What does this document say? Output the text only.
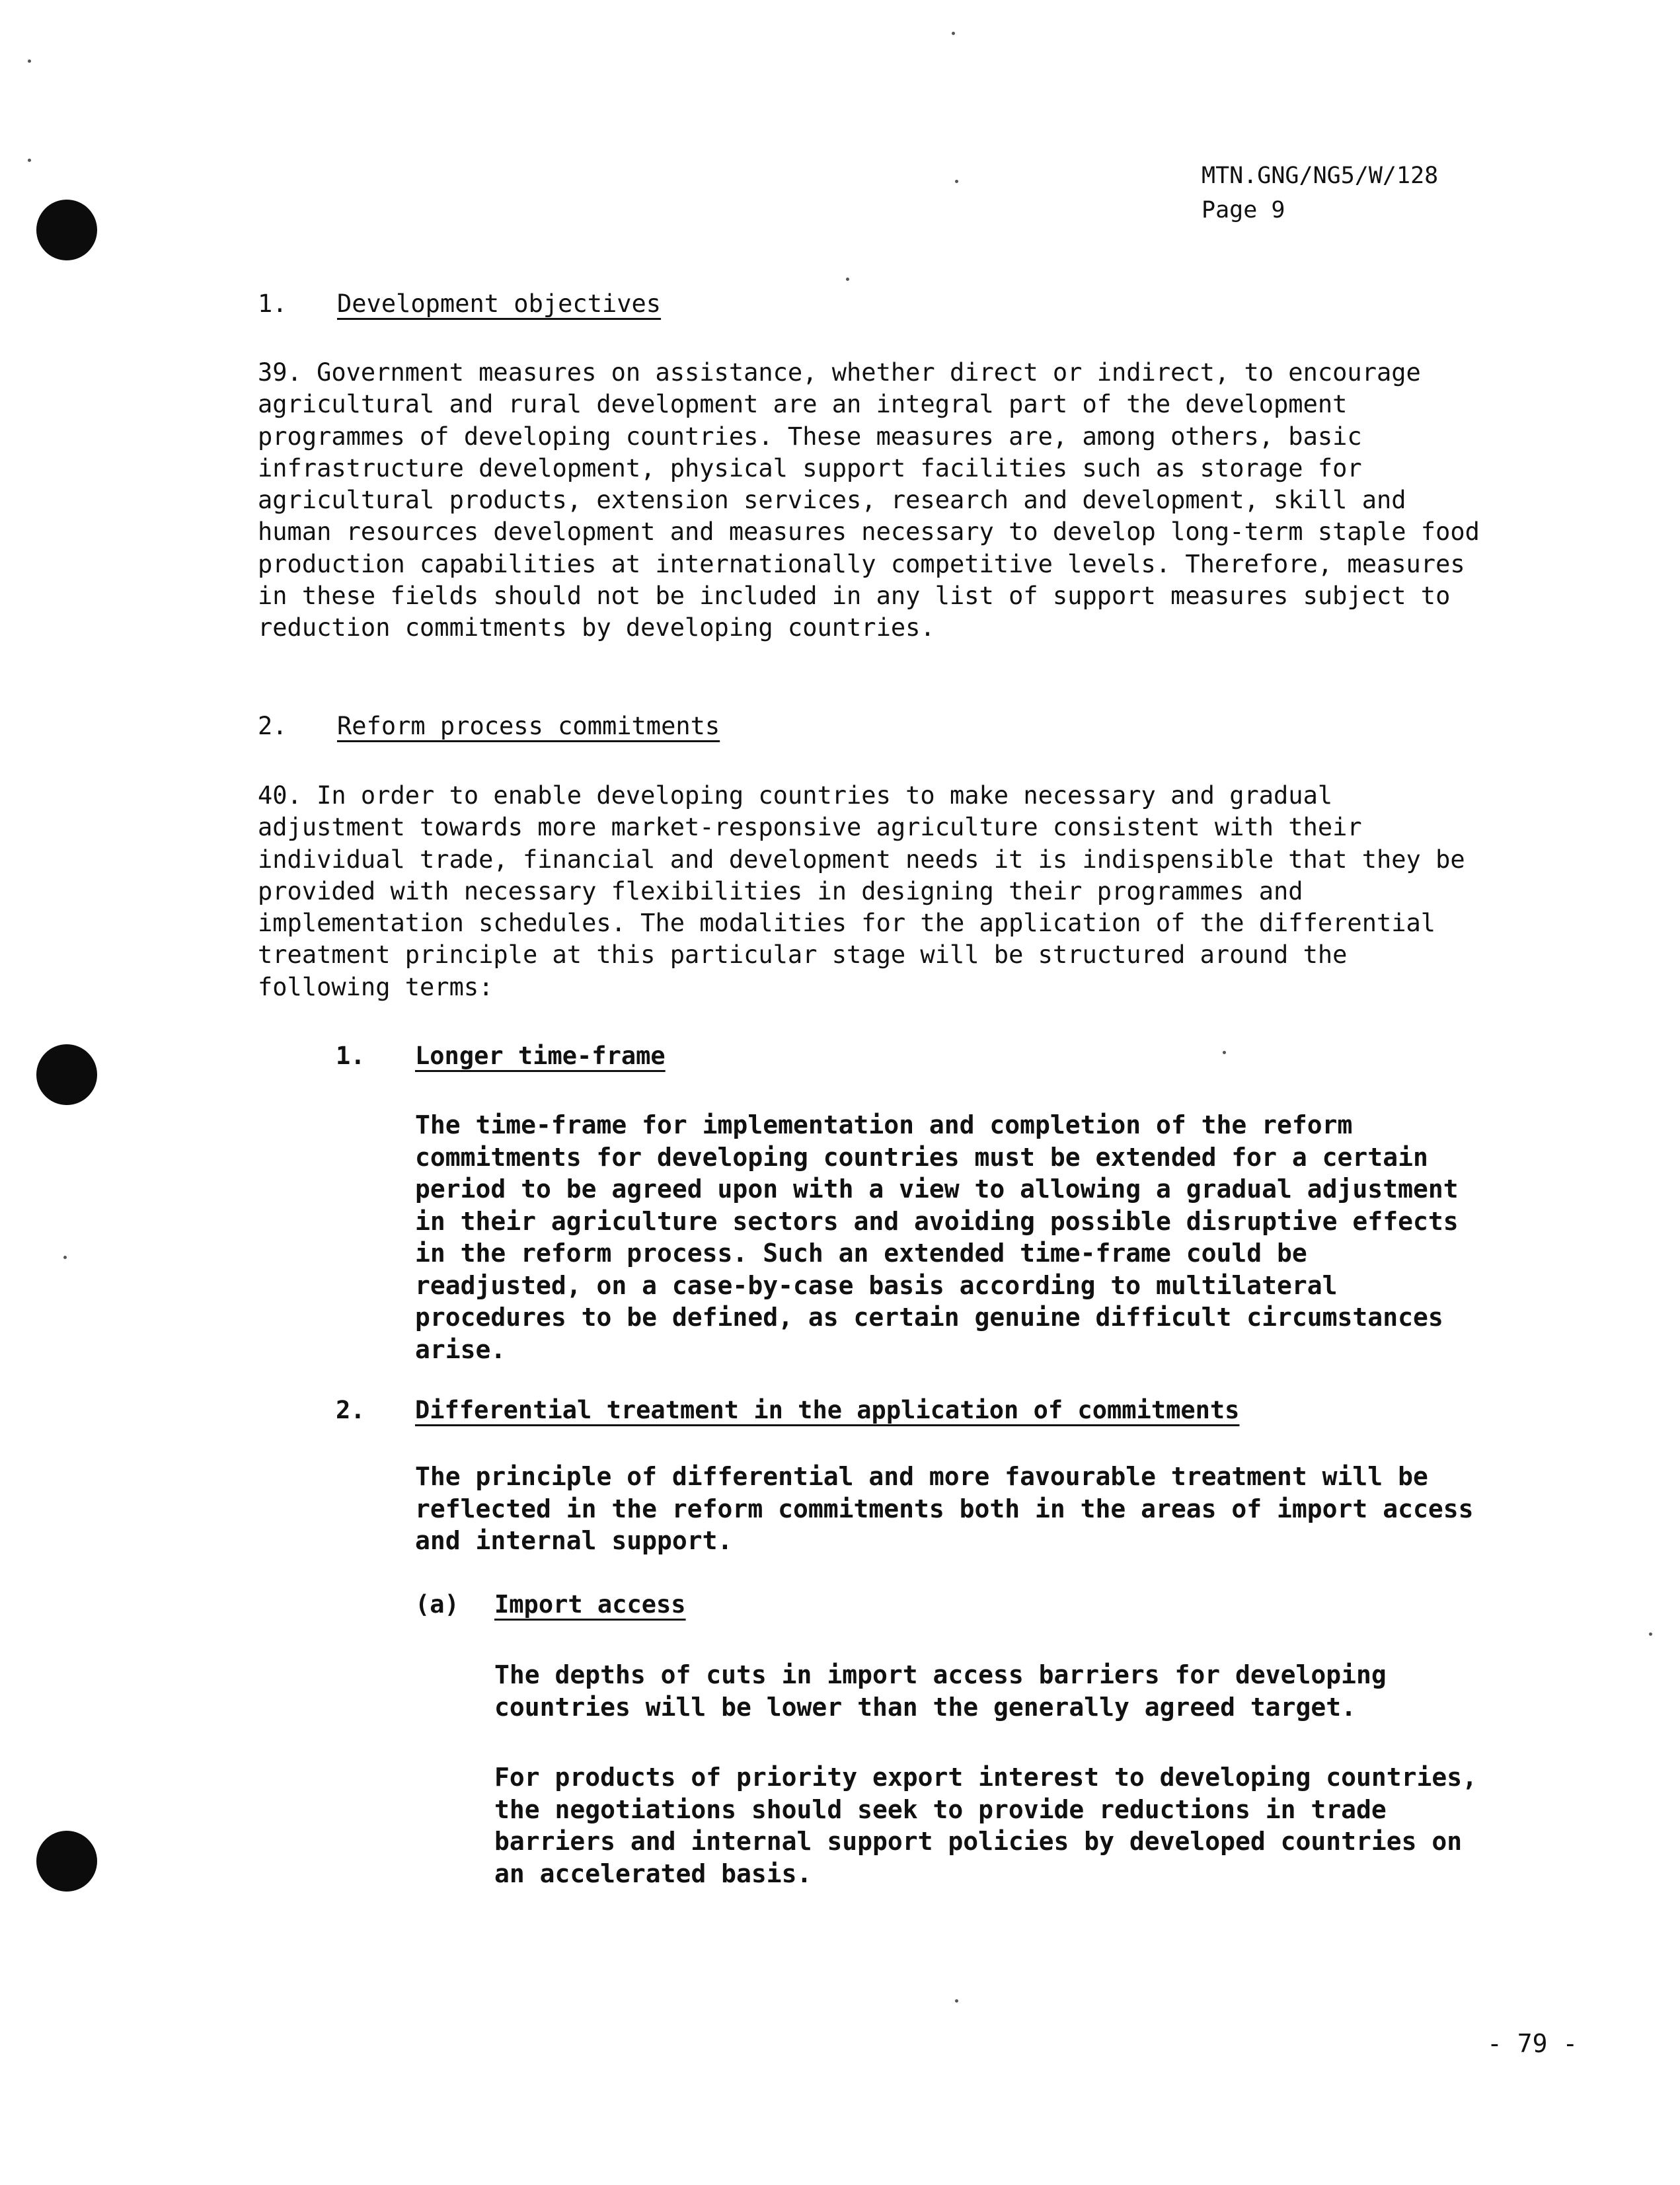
MTN.GNG/NG5/W/128
Page 9
1. Development objectives
39. Government measures on assistance, whether direct or indirect, to encourage agricultural and rural development are an integral part of the development programmes of developing countries. These measures are, among others, basic infrastructure development, physical support facilities such as storage for agricultural products, extension services, research and development, skill and human resources development and measures necessary to develop long-term staple food production capabilities at internationally competitive levels. Therefore, measures in these fields should not be included in any list of support measures subject to reduction commitments by developing countries.
2. Reform process commitments
40. In order to enable developing countries to make necessary and gradual adjustment towards more market-responsive agriculture consistent with their individual trade, financial and development needs it is indispensible that they be provided with necessary flexibilities in designing their programmes and implementation schedules. The modalities for the application of the differential treatment principle at this particular stage will be structured around the following terms:
1. Longer time-frame
The time-frame for implementation and completion of the reform commitments for developing countries must be extended for a certain period to be agreed upon with a view to allowing a gradual adjustment in their agriculture sectors and avoiding possible disruptive effects in the reform process. Such an extended time-frame could be readjusted, on a case-by-case basis according to multilateral procedures to be defined, as certain genuine difficult circumstances arise.
2. Differential treatment in the application of commitments
The principle of differential and more favourable treatment will be reflected in the reform commitments both in the areas of import access and internal support.
(a) Import access
The depths of cuts in import access barriers for developing countries will be lower than the generally agreed target.
For products of priority export interest to developing countries, the negotiations should seek to provide reductions in trade barriers and internal support policies by developed countries on an accelerated basis.
- 79 -
